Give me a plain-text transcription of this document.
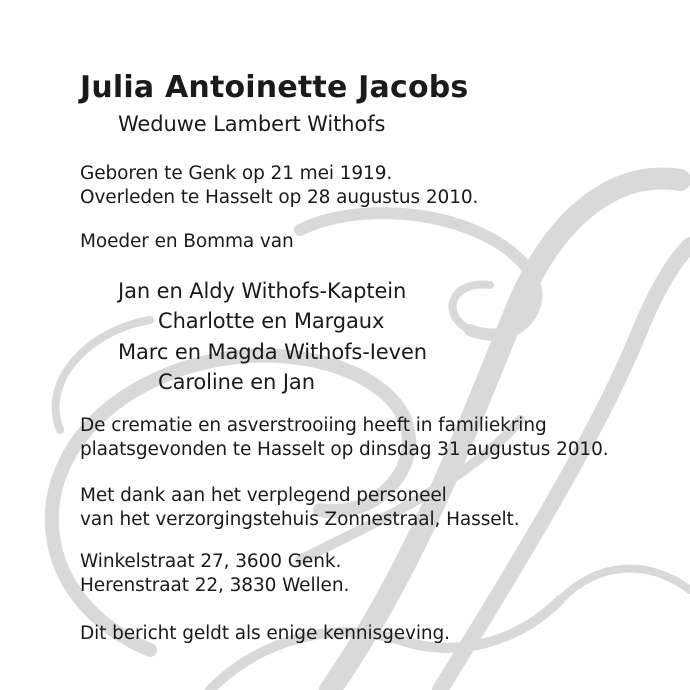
Julia Antoinette Jacobs
Weduwe Lambert Withofs
Geboren te Genk op 21 mei 1919.
Overleden te Hasselt op 28 augustus 2010.
Moeder en Bomma van
Jan en Aldy Withofs-Kaptein
Charlotte en Margaux
Marc en Magda Withofs-Ieven
Caroline en Jan
De crematie en asverstrooiing heeft in familiekring
plaatsgevonden te Hasselt op dinsdag 31 augustus 2010.
Met dank aan het verplegend personeel
van het verzorgingstehuis Zonnestraal, Hasselt.
Winkelstraat 27, 3600 Genk.
Herenstraat 22, 3830 Wellen.
Dit bericht geldt als enige kennisgeving.
